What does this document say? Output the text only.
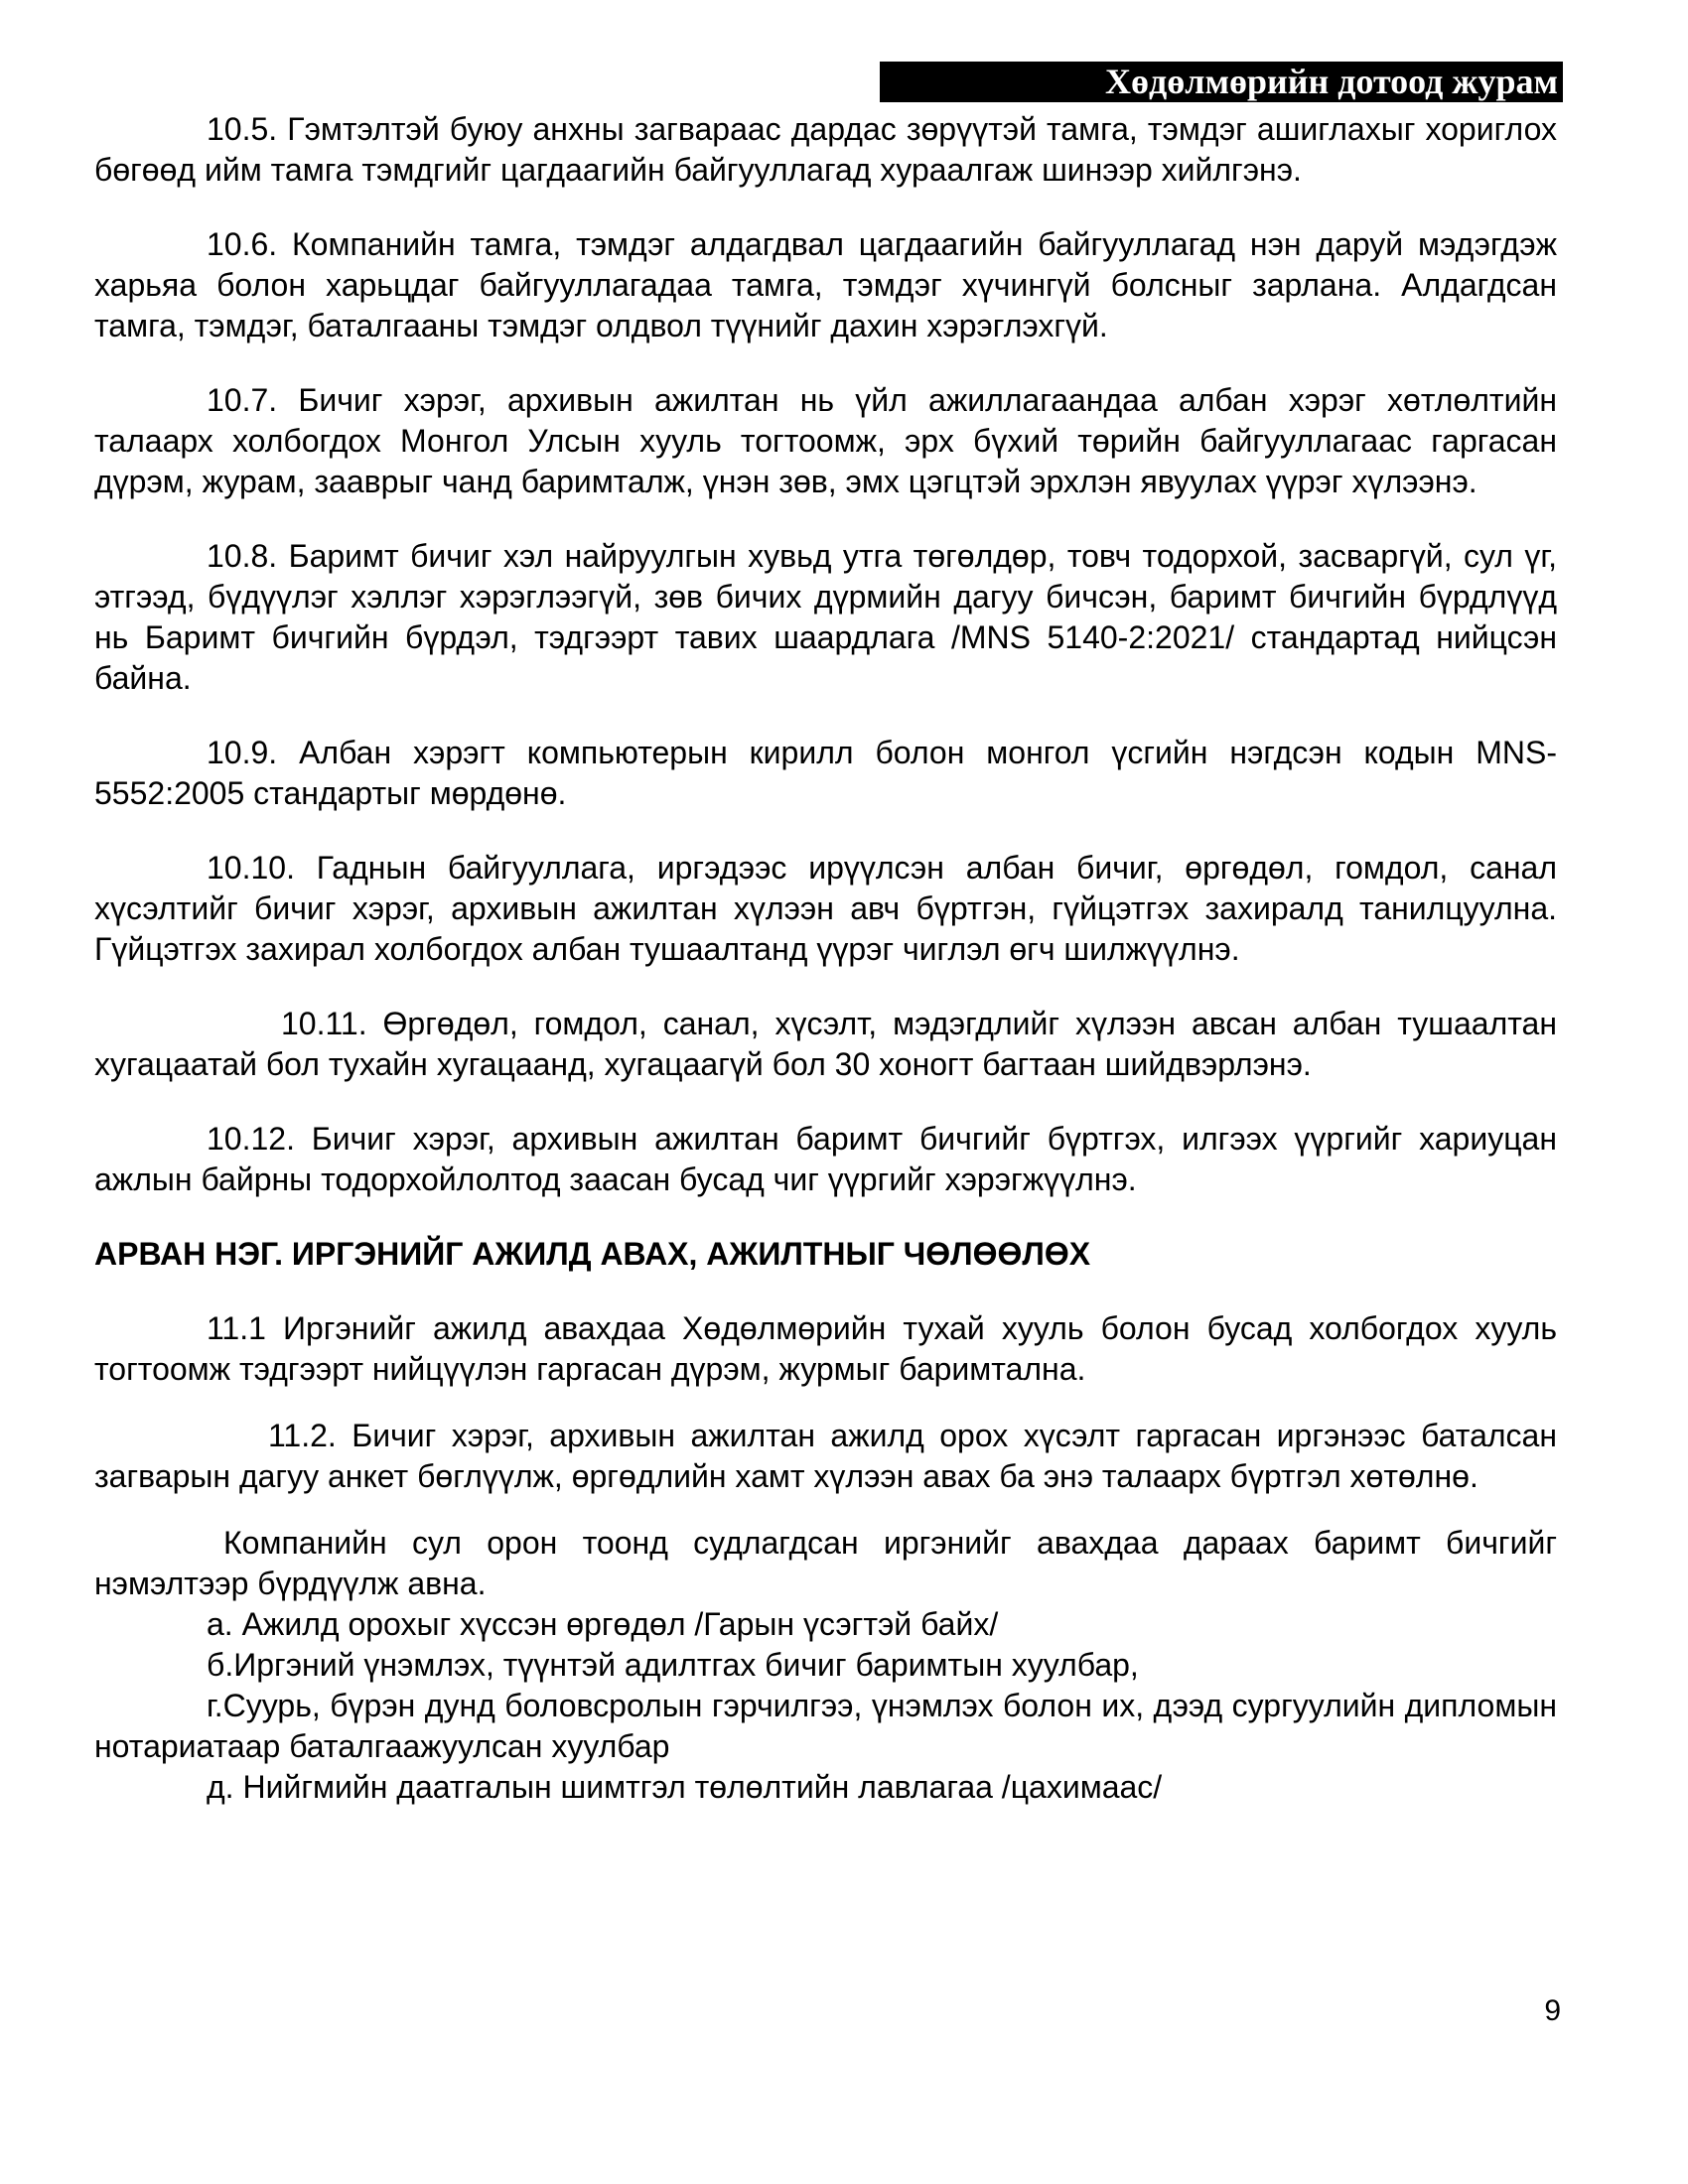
Хөдөлмөрийн дотоод журам

10.5. Гэмтэлтэй буюу анхны загвараас дардас зөрүүтэй тамга, тэмдэг ашиглахыг хориглох бөгөөд ийм тамга тэмдгийг цагдаагийн байгууллагад хураалгаж шинээр хийлгэнэ.

10.6. Компанийн тамга, тэмдэг алдагдвал цагдаагийн байгууллагад нэн даруй мэдэгдэж харьяа болон харьцдаг байгууллагадаа тамга, тэмдэг хүчингүй болсныг зарлана. Алдагдсан тамга, тэмдэг, баталгааны тэмдэг олдвол түүнийг дахин хэрэглэхгүй.

10.7. Бичиг хэрэг, архивын ажилтан нь үйл ажиллагаандаа албан хэрэг хөтлөлтийн талаарх холбогдох Монгол Улсын хууль тогтоомж, эрх бүхий төрийн байгууллагаас гаргасан дүрэм, журам, зааврыг чанд баримталж, үнэн зөв, эмх цэгцтэй эрхлэн явуулах үүрэг хүлээнэ.

10.8. Баримт бичиг хэл найруулгын хувьд утга төгөлдөр, товч тодорхой, засваргүй, сул үг, этгээд, бүдүүлэг хэллэг хэрэглээгүй, зөв бичих дүрмийн дагуу бичсэн, баримт бичгийн бүрдлүүд нь Баримт бичгийн бүрдэл, тэдгээрт тавих шаардлага /MNS 5140-2:2021/ стандартад нийцсэн байна.

10.9. Албан хэрэгт компьютерын кирилл болон монгол үсгийн нэгдсэн кодын MNS-5552:2005 стандартыг мөрдөнө.

10.10. Гаднын байгууллага, иргэдээс ирүүлсэн албан бичиг, өргөдөл, гомдол, санал хүсэлтийг бичиг хэрэг, архивын ажилтан хүлээн авч бүртгэн, гүйцэтгэх захиралд танилцуулна. Гүйцэтгэх захирал холбогдох албан тушаалтанд үүрэг чиглэл өгч шилжүүлнэ.

10.11. Өргөдөл, гомдол, санал, хүсэлт, мэдэгдлийг хүлээн авсан албан тушаалтан хугацаатай бол тухайн хугацаанд, хугацаагүй бол 30 хоногт багтаан шийдвэрлэнэ.

10.12. Бичиг хэрэг, архивын ажилтан баримт бичгийг бүртгэх, илгээх үүргийг хариуцан ажлын байрны тодорхойлолтод заасан бусад чиг үүргийг хэрэгжүүлнэ.

АРВАН НЭГ. ИРГЭНИЙГ АЖИЛД АВАХ, АЖИЛТНЫГ ЧӨЛӨӨЛӨХ

11.1 Иргэнийг ажилд авахдаа Хөдөлмөрийн тухай хууль болон бусад холбогдох хууль тогтоомж тэдгээрт нийцүүлэн гаргасан дүрэм, журмыг баримтална.

11.2. Бичиг хэрэг, архивын ажилтан ажилд орох хүсэлт гаргасан иргэнээс баталсан загварын дагуу анкет бөглүүлж, өргөдлийн хамт хүлээн авах ба энэ талаарх бүртгэл хөтөлнө.

Компанийн сул орон тоонд судлагдсан иргэнийг авахдаа дараах баримт бичгийг нэмэлтээр бүрдүүлж авна.

а. Ажилд орохыг хүссэн өргөдөл /Гарын үсэгтэй байх/

б.Иргэний үнэмлэх, түүнтэй адилтгах бичиг баримтын хуулбар,

г.Суурь, бүрэн дунд боловсролын гэрчилгээ, үнэмлэх болон их, дээд сургуулийн дипломын нотариатаар баталгаажуулсан хуулбар

д. Нийгмийн даатгалын шимтгэл төлөлтийн лавлагаа /цахимаас/

9
